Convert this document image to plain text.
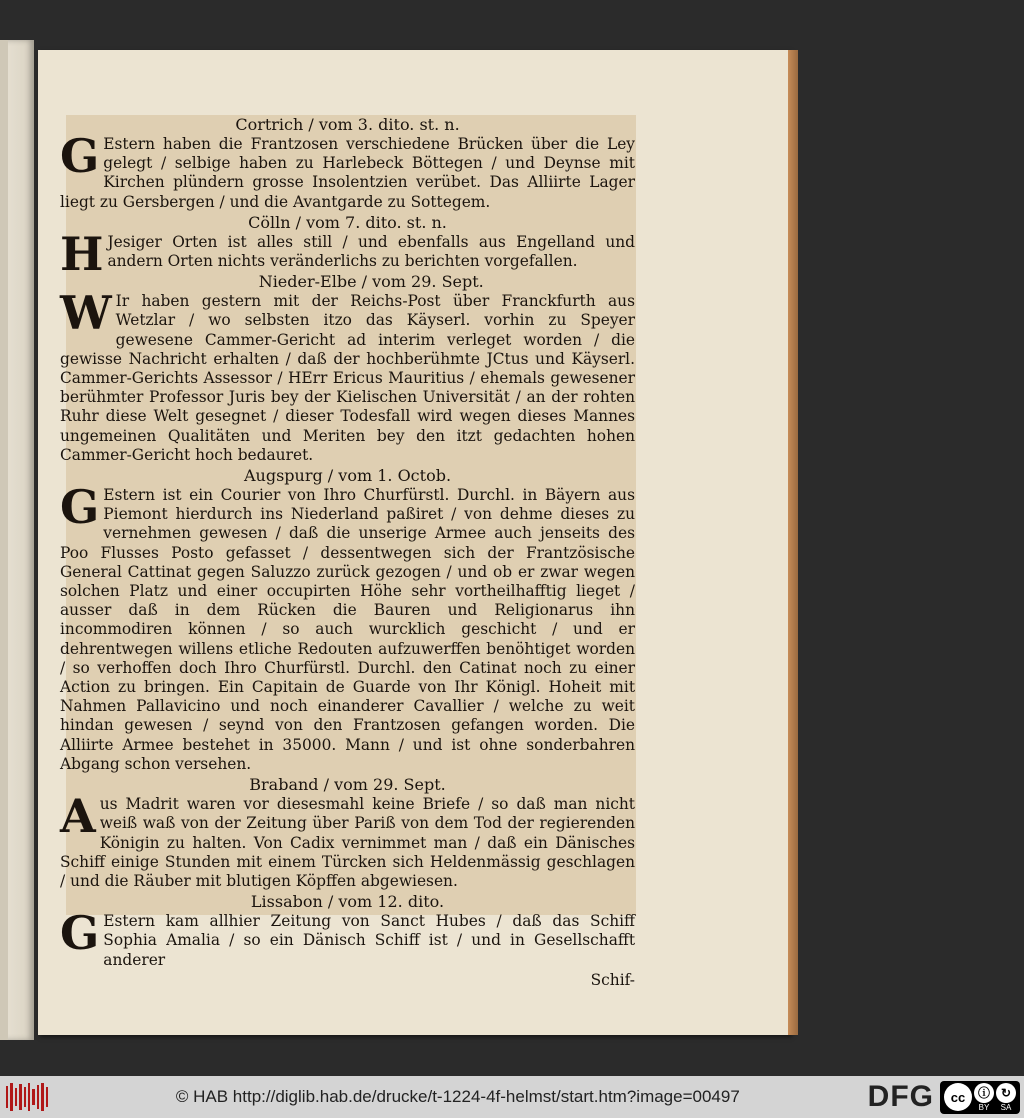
Cortrich / vom 3. dito. st. n.

G Estern haben die Frantzosen verschiedene Brücken über die Ley gelegt / selbige haben zu Harlebeck Böttegen / und Deynse mit Kirchen plündern grosse Insolentzien verübet. Das Alliirte Lager liegt zu Gersbergen / und die Avantgarde zu Sottegem.

Cölln / vom 7. dito. st. n.

H Jesiger Orten ist alles still / und ebenfalls aus Engelland und andern Orten nichts veränderlichs zu berichten vorgefallen.

Nieder-Elbe / vom 29. Sept.

W Ir haben gestern mit der Reichs-Post über Franckfurth aus Wetzlar / wo selbsten itzo das Käyserl. vorhin zu Speyer gewesene Cammer-Gericht ad interim verleget worden / die gewisse Nachricht erhalten / daß der hochberühmte JCtus und Käyserl. Cammer-Gerichts Assessor / HErr Ericus Mauritius / ehemals gewesener berühmter Professor Juris bey der Kielischen Universität / an der rohten Ruhr diese Welt gesegnet / dieser Todesfall wird wegen dieses Mannes ungemeinen Qualitäten und Meriten bey den itzt gedachten hohen Cammer-Gericht hoch bedauret.

Augspurg / vom 1. Octob.

G Estern ist ein Courier von Ihro Churfürstl. Durchl. in Bäyern aus Piemont hierdurch ins Niederland paßiret / von dehme dieses zu vernehmen gewesen / daß die unserige Armee auch jenseits des Poo Flusses Posto gefasset / dessentwegen sich der Frantzösische General Cattinat gegen Saluzzo zurück gezogen / und ob er zwar wegen solchen Platz und einer occupirten Höhe sehr vortheilhafftig lieget / ausser daß in dem Rücken die Bauren und Religionarus ihn incommodiren können / so auch wurcklich geschicht / und er dehrentwegen willens etliche Redouten aufzuwerffen benöhtiget worden / so verhoffen doch Ihro Churfürstl. Durchl. den Catinat noch zu einer Action zu bringen. Ein Capitain de Guarde von Ihr Königl. Hoheit mit Nahmen Pallavicino und noch einanderer Cavallier / welche zu weit hindan gewesen / seynd von den Frantzosen gefangen worden. Die Alliirte Armee bestehet in 35000. Mann / und ist ohne sonderbahren Abgang schon versehen.

Braband / vom 29. Sept.

Aus Madrit waren vor diesesmahl keine Briefe / so daß man nicht weiß waß von der Zeitung über Pariß von dem Tod der regierenden Königin zu halten. Von Cadix vernimmet man / daß ein Dänisches Schiff einige Stunden mit einem Türcken sich Heldenmässig geschlagen / und die Räuber mit blutigen Köpffen abgewiesen.

Lissabon / vom 12. dito.

G Estern kam allhier Zeitung von Sanct Hubes / daß das Schiff Sophia Amalia / so ein Dänisch Schiff ist / und in Gesellschafft anderer

Schif-

© HAB http://diglib.hab.de/drucke/t-1224-4f-helmst/start.htm?image=00497	DFG	cc	ⓘ
BY
↻
SA
